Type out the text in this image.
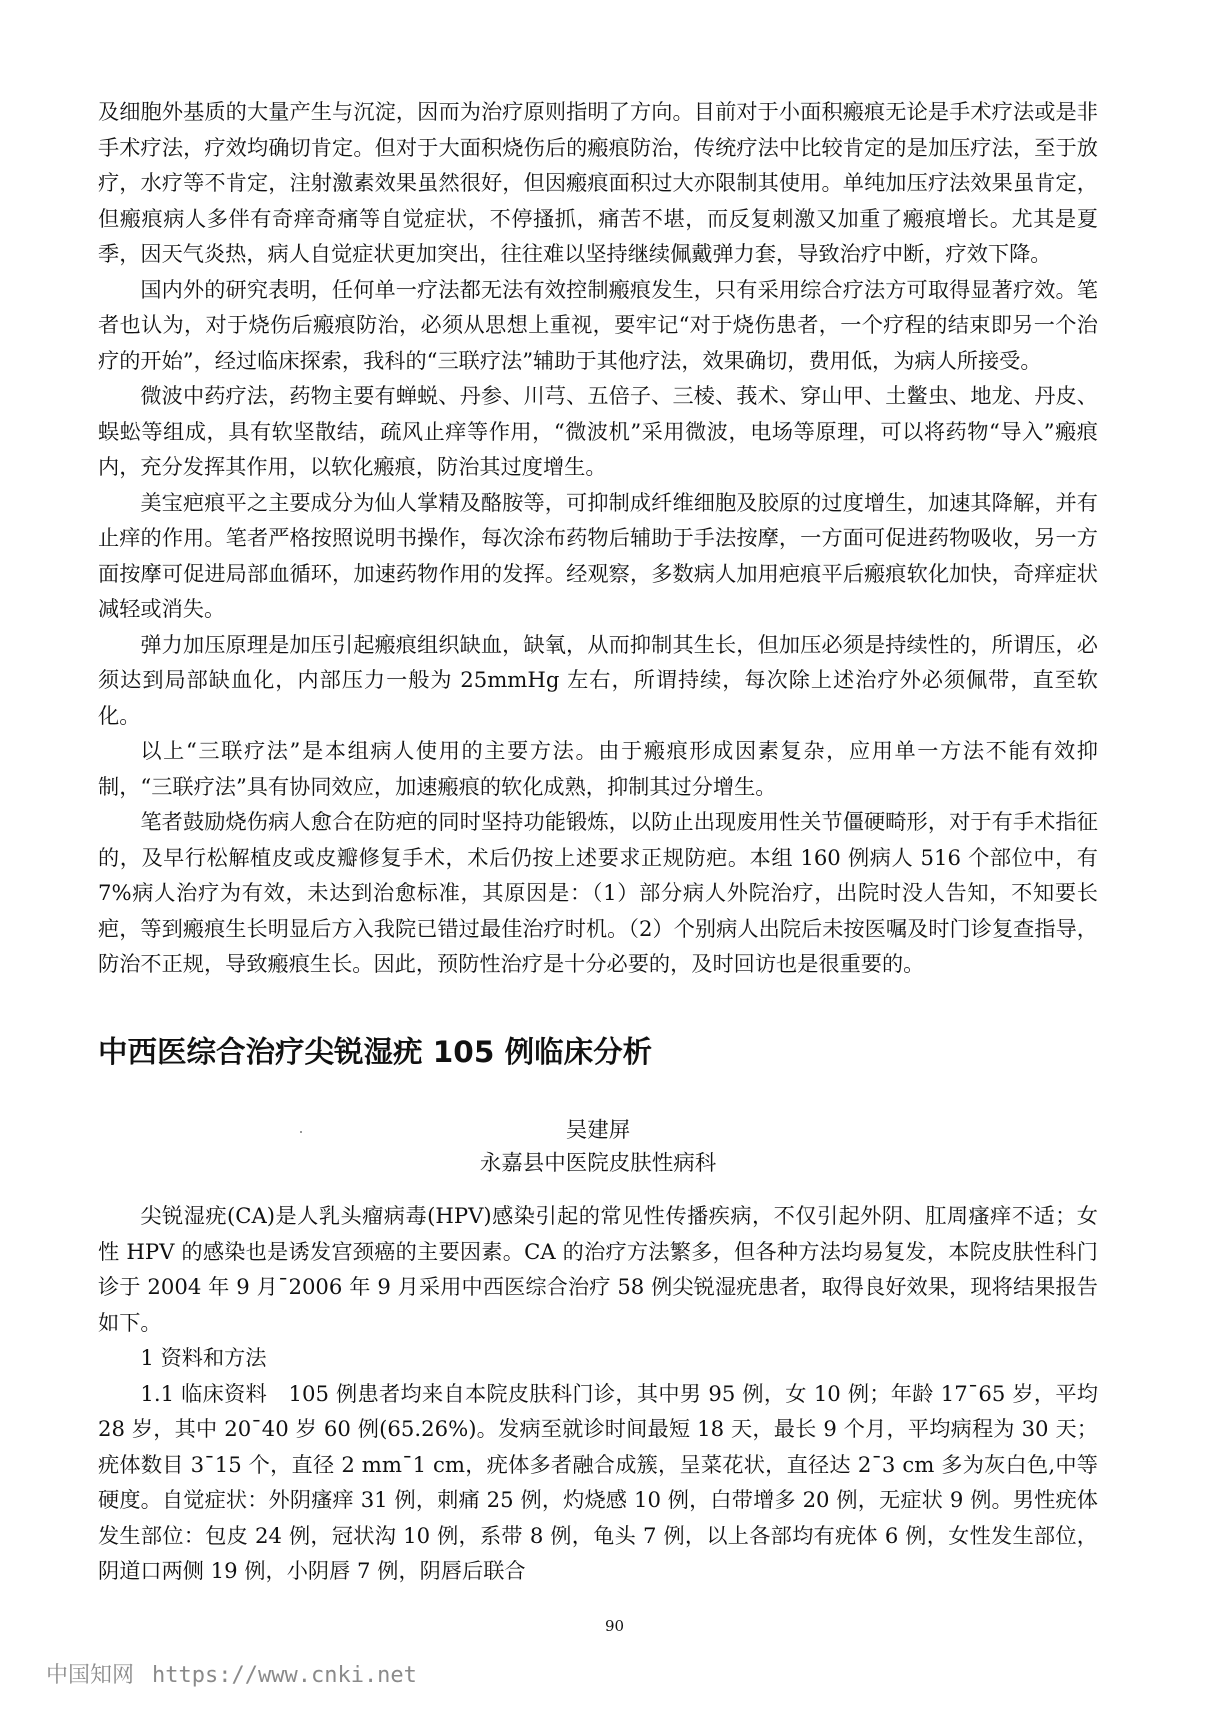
及细胞外基质的大量产生与沉淀，因而为治疗原则指明了方向。目前对于小面积瘢痕无论是手术疗法或是非手术疗法，疗效均确切肯定。但对于大面积烧伤后的瘢痕防治，传统疗法中比较肯定的是加压疗法，至于放疗，水疗等不肯定，注射激素效果虽然很好，但因瘢痕面积过大亦限制其使用。单纯加压疗法效果虽肯定，但瘢痕病人多伴有奇痒奇痛等自觉症状，不停搔抓，痛苦不堪，而反复刺激又加重了瘢痕增长。尤其是夏季，因天气炎热，病人自觉症状更加突出，往往难以坚持继续佩戴弹力套，导致治疗中断，疗效下降。

国内外的研究表明，任何单一疗法都无法有效控制瘢痕发生，只有采用综合疗法方可取得显著疗效。笔者也认为，对于烧伤后瘢痕防治，必须从思想上重视，要牢记“对于烧伤患者，一个疗程的结束即另一个治疗的开始”，经过临床探索，我科的“三联疗法”辅助于其他疗法，效果确切，费用低，为病人所接受。

微波中药疗法，药物主要有蝉蜕、丹参、川芎、五倍子、三棱、莪术、穿山甲、土鳖虫、地龙、丹皮、蜈蚣等组成，具有软坚散结，疏风止痒等作用，“微波机”采用微波，电场等原理，可以将药物“导入”瘢痕内，充分发挥其作用，以软化瘢痕，防治其过度增生。

美宝疤痕平之主要成分为仙人掌精及酪胺等，可抑制成纤维细胞及胶原的过度增生，加速其降解，并有止痒的作用。笔者严格按照说明书操作，每次涂布药物后辅助于手法按摩，一方面可促进药物吸收，另一方面按摩可促进局部血循环，加速药物作用的发挥。经观察，多数病人加用疤痕平后瘢痕软化加快，奇痒症状减轻或消失。

弹力加压原理是加压引起瘢痕组织缺血，缺氧，从而抑制其生长，但加压必须是持续性的，所谓压，必须达到局部缺血化，内部压力一般为 25mmHg 左右，所谓持续，每次除上述治疗外必须佩带，直至软化。

以上“三联疗法”是本组病人使用的主要方法。由于瘢痕形成因素复杂，应用单一方法不能有效抑制，“三联疗法”具有协同效应，加速瘢痕的软化成熟，抑制其过分增生。

笔者鼓励烧伤病人愈合在防疤的同时坚持功能锻炼，以防止出现废用性关节僵硬畸形，对于有手术指征的，及早行松解植皮或皮瓣修复手术，术后仍按上述要求正规防疤。本组 160 例病人 516 个部位中，有 7%病人治疗为有效，未达到治愈标准，其原因是：（1）部分病人外院治疗，出院时没人告知，不知要长疤，等到瘢痕生长明显后方入我院已错过最佳治疗时机。（2）个别病人出院后未按医嘱及时门诊复查指导，防治不正规，导致瘢痕生长。因此，预防性治疗是十分必要的，及时回访也是很重要的。

中西医综合治疗尖锐湿疣 105 例临床分析
吴建屏
永嘉县中医院皮肤性病科

尖锐湿疣(CA)是人乳头瘤病毒(HPV)感染引起的常见性传播疾病，不仅引起外阴、肛周瘙痒不适；女性 HPV 的感染也是诱发宫颈癌的主要因素。CA 的治疗方法繁多，但各种方法均易复发，本院皮肤性科门诊于 2004 年 9 月¯2006 年 9 月采用中西医综合治疗 58 例尖锐湿疣患者，取得良好效果，现将结果报告如下。

1 资料和方法

1.1 临床资料　105 例患者均来自本院皮肤科门诊，其中男 95 例，女 10 例；年龄 17¯65 岁，平均 28 岁，其中 20¯40 岁 60 例(65.26%)。发病至就诊时间最短 18 天，最长 9 个月，平均病程为 30 天；疣体数目 3¯15 个，直径 2 mm¯1 cm，疣体多者融合成簇，呈菜花状，直径达 2¯3 cm 多为灰白色,中等硬度。自觉症状：外阴瘙痒 31 例，刺痛 25 例，灼烧感 10 例，白带增多 20 例，无症状 9 例。男性疣体发生部位：包皮 24 例，冠状沟 10 例，系带 8 例，龟头 7 例，以上各部均有疣体 6 例，女性发生部位，阴道口两侧 19 例，小阴唇 7 例，阴唇后联合

90
中国知网 https://www.cnki.net
